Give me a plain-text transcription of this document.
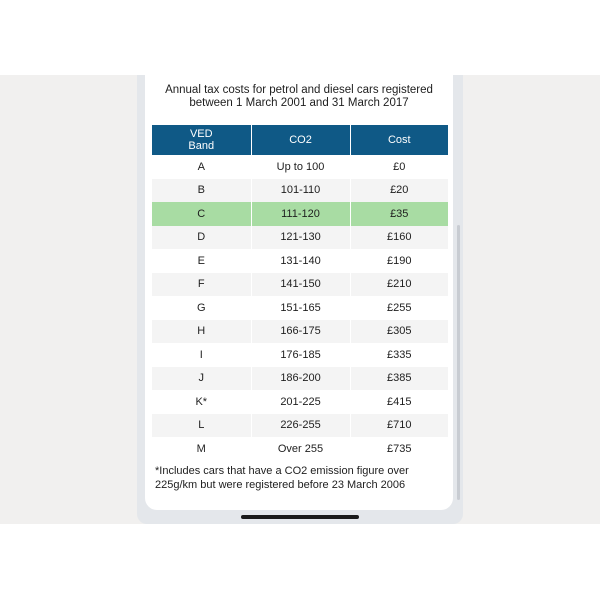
Annual tax costs for petrol and diesel cars registered
between 1 March 2001 and 31 March 2017
VED
Band	CO2	Cost
A	Up to 100	£0
B	101-110	£20
C	111-120	£35
D	121-130	£160
E	131-140	£190
F	141-150	£210
G	151-165	£255
H	166-175	£305
I	176-185	£335
J	186-200	£385
K*	201-225	£415
L	226-255	£710
M	Over 255	£735
*Includes cars that have a CO2 emission figure over 225g/km but were registered before 23 March 2006
